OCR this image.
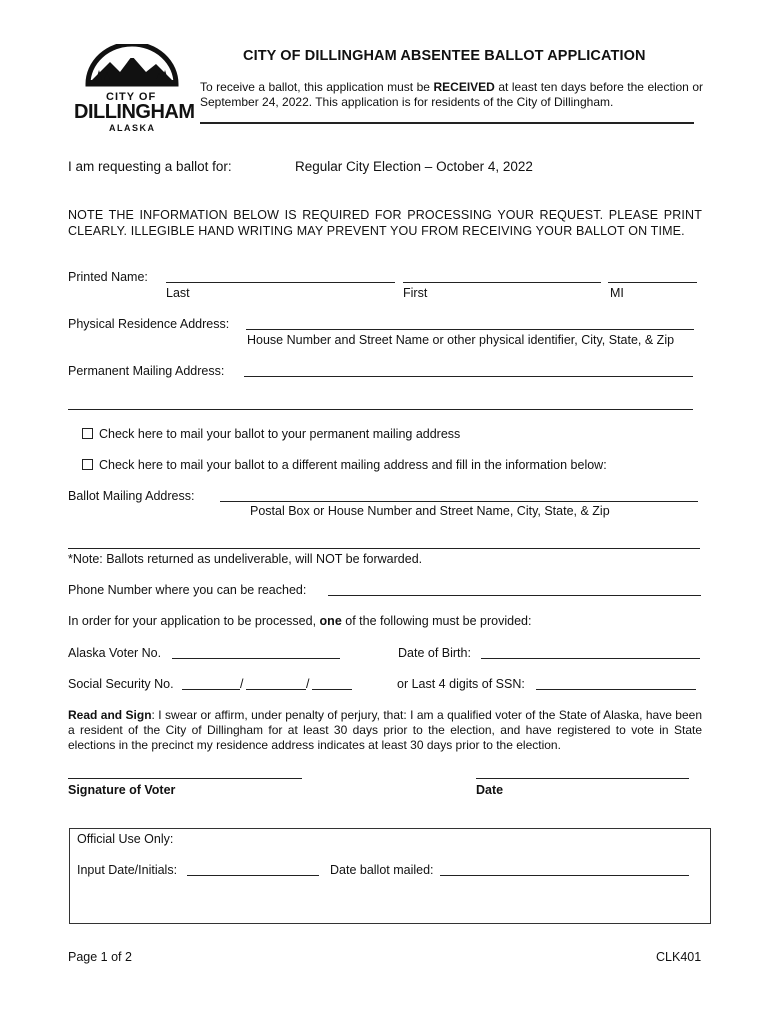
CITY OF
DILLINGHAM
ALASKA
CITY OF DILLINGHAM ABSENTEE BALLOT APPLICATION
To receive a ballot, this application must be RECEIVED at least ten days before the election or September 24, 2022. This application is for residents of the City of Dillingham.
I am requesting a ballot for:	Regular City Election – October 4, 2022
NOTE THE INFORMATION BELOW IS REQUIRED FOR PROCESSING YOUR REQUEST. PLEASE PRINT CLEARLY. ILLEGIBLE HAND WRITING MAY PREVENT YOU FROM RECEIVING YOUR BALLOT ON TIME.
Printed Name:
Last	First	MI
Physical Residence Address:
House Number and Street Name or other physical identifier, City, State, & Zip
Permanent Mailing Address:
Check here to mail your ballot to your permanent mailing address
Check here to mail your ballot to a different mailing address and fill in the information below:
Ballot Mailing Address:
Postal Box or House Number and Street Name, City, State, & Zip
*Note: Ballots returned as undeliverable, will NOT be forwarded.
Phone Number where you can be reached:
In order for your application to be processed, one of the following must be provided:
Alaska Voter No.	Date of Birth:
Social Security No.	/	/	or Last 4 digits of SSN:
Read and Sign: I swear or affirm, under penalty of perjury, that: I am a qualified voter of the State of Alaska, have been a resident of the City of Dillingham for at least 30 days prior to the election, and have registered to vote in State elections in the precinct my residence address indicates at least 30 days prior to the election.
Signature of Voter	Date
Official Use Only:
Input Date/Initials:	Date ballot mailed:
Page 1 of 2	CLK401
